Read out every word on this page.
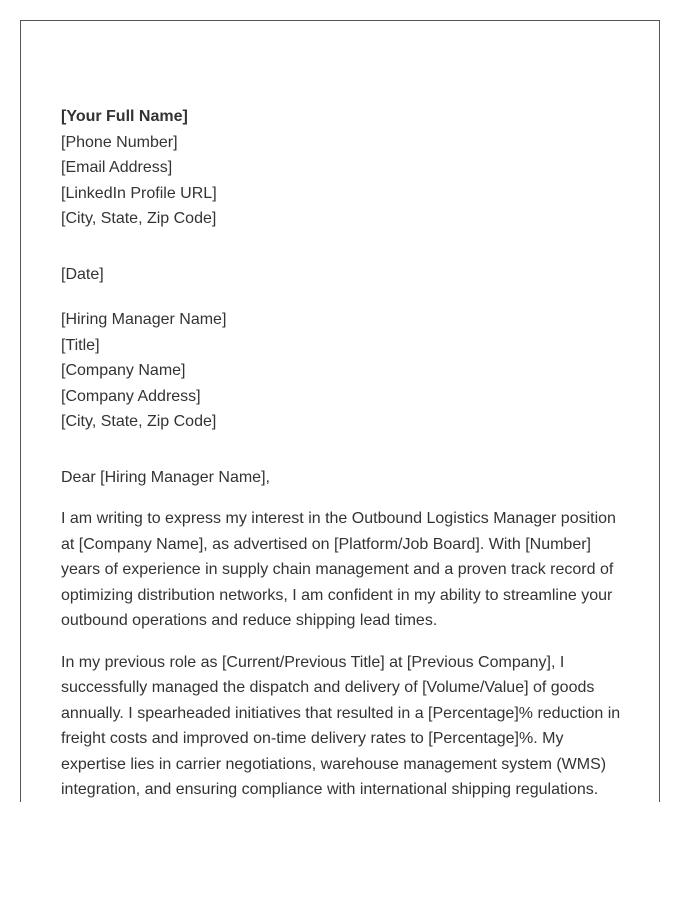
[Your Full Name]
[Phone Number]
[Email Address]
[LinkedIn Profile URL]
[City, State, Zip Code]
[Date]
[Hiring Manager Name]
[Title]
[Company Name]
[Company Address]
[City, State, Zip Code]
Dear [Hiring Manager Name],

I am writing to express my interest in the Outbound Logistics Manager position at [Company Name], as advertised on [Platform/Job Board]. With [Number] years of experience in supply chain management and a proven track record of optimizing distribution networks, I am confident in my ability to streamline your outbound operations and reduce shipping lead times.

In my previous role as [Current/Previous Title] at [Previous Company], I successfully managed the dispatch and delivery of [Volume/Value] of goods annually. I spearheaded initiatives that resulted in a [Percentage]% reduction in freight costs and improved on-time delivery rates to [Percentage]%. My expertise lies in carrier negotiations, warehouse management system (WMS) integration, and ensuring compliance with international shipping regulations.
